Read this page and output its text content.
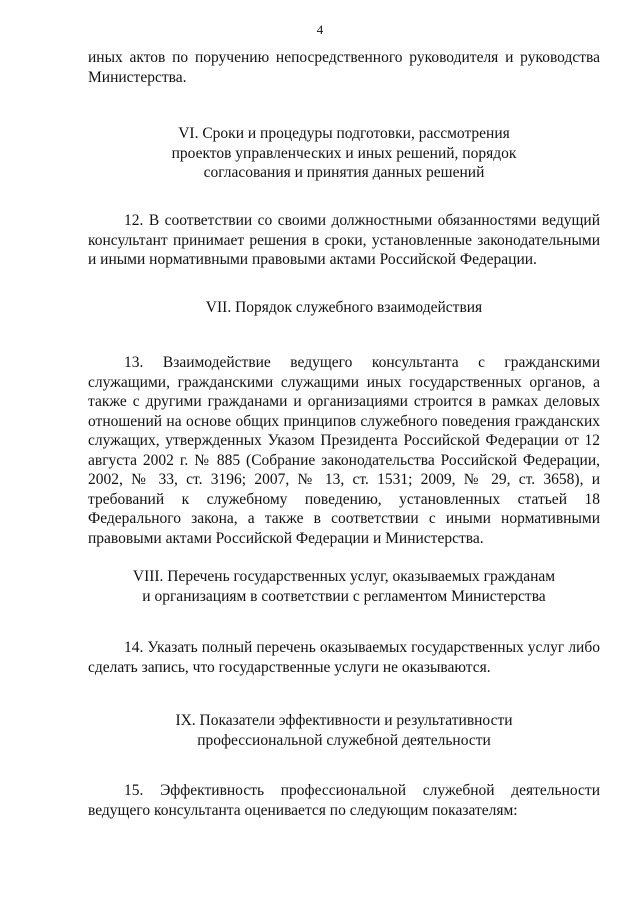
4

иных актов по поручению непосредственного руководителя и руководства Министерства.

VI. Сроки и процедуры подготовки, рассмотрения
проектов управленческих и иных решений, порядок
согласования и принятия данных решений

12. В соответствии со своими должностными обязанностями ведущий консультант принимает решения в сроки, установленные законодательными и иными нормативными правовыми актами Российской Федерации.

VII. Порядок служебного взаимодействия

13. Взаимодействие ведущего консультанта с гражданскими служащими, гражданскими служащими иных государственных органов, а также с другими гражданами и организациями строится в рамках деловых отношений на основе общих принципов служебного поведения гражданских служащих, утвержденных Указом Президента Российской Федерации от 12 августа 2002 г. № 885 (Собрание законодательства Российской Федерации, 2002, № 33, ст. 3196; 2007, № 13, ст. 1531; 2009, № 29, ст. 3658), и требований к служебному поведению, установленных статьей 18 Федерального закона, а также в соответствии с иными нормативными правовыми актами Российской Федерации и Министерства.

VIII. Перечень государственных услуг, оказываемых гражданам
и организациям в соответствии с регламентом Министерства

14. Указать полный перечень оказываемых государственных услуг либо сделать запись, что государственные услуги не оказываются.

IX. Показатели эффективности и результативности
профессиональной служебной деятельности

15. Эффективность профессиональной служебной деятельности ведущего консультанта оценивается по следующим показателям:
